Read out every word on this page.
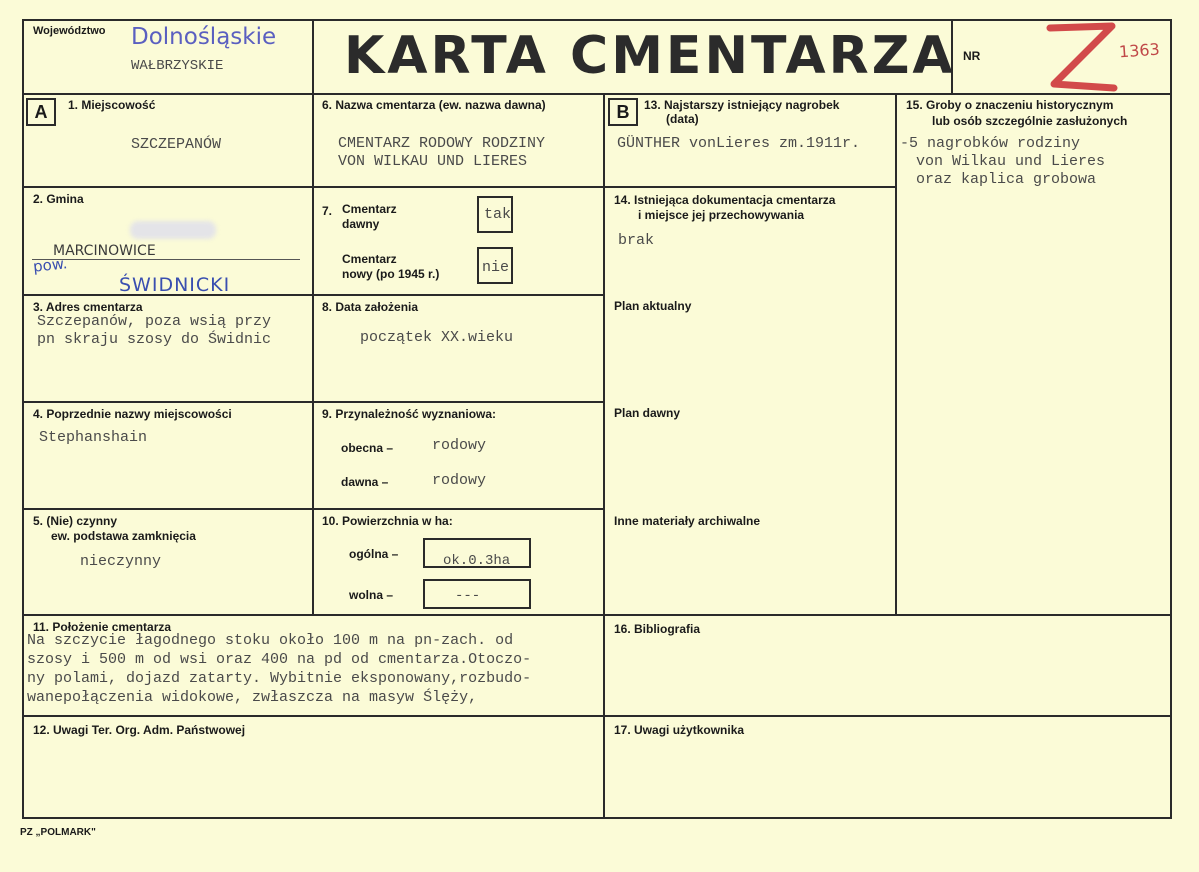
Województwo Dolnośląskie
WAŁBRZYSKIE KARTA CMENTARZA NR	1363
A	B
1. Miejscowość
SZCZEPANÓW
6. Nazwa cmentarza (ew. nazwa dawna)
CMENTARZ RODOWY RODZINY
VON WILKAU UND LIERES
13. Najstarszy istniejący nagrobek
(data)
GÜNTHER vonLieres zm.1911r.
15. Groby o znaczeniu historycznym
lub osób szczególnie zasłużonych
-5 nagrobków rodziny
von Wilkau und Lieres
oraz kaplica grobowa
2. Gmina
MARCINOWICE
pow.
ŚWIDNICKI
7. Cmentarz
dawny
tak
Cmentarz
nowy (po 1945 r.)	nie
14. Istniejąca dokumentacja cmentarza
i miejsce jej przechowywania
brak
3. Adres cmentarza
Szczepanów, poza wsią przy
pn skraju szosy do Świdnic
8. Data założenia
początek XX.wieku
Plan aktualny
4. Poprzednie nazwy miejscowości
Stephanshain
9. Przynależność wyznaniowa:
obecna –	rodowy
dawna –	rodowy
Plan dawny
5. (Nie) czynny
ew. podstawa zamknięcia
nieczynny
10. Powierzchnia w ha:
ogólna –	ok.0.3ha
wolna –	---
Inne materiały archiwalne
11. Położenie cmentarza
Na szczycie łagodnego stoku około 100 m na pn-zach. od
szosy i 500 m od wsi oraz 400 na pd od cmentarza.Otoczo-
ny polami, dojazd zatarty. Wybitnie eksponowany,rozbudo-
wanepołączenia widokowe, zwłaszcza na masyw Ślęży,
16. Bibliografia
12. Uwagi Ter. Org. Adm. Państwowej	17. Uwagi użytkownika
PZ „POLMARK"
